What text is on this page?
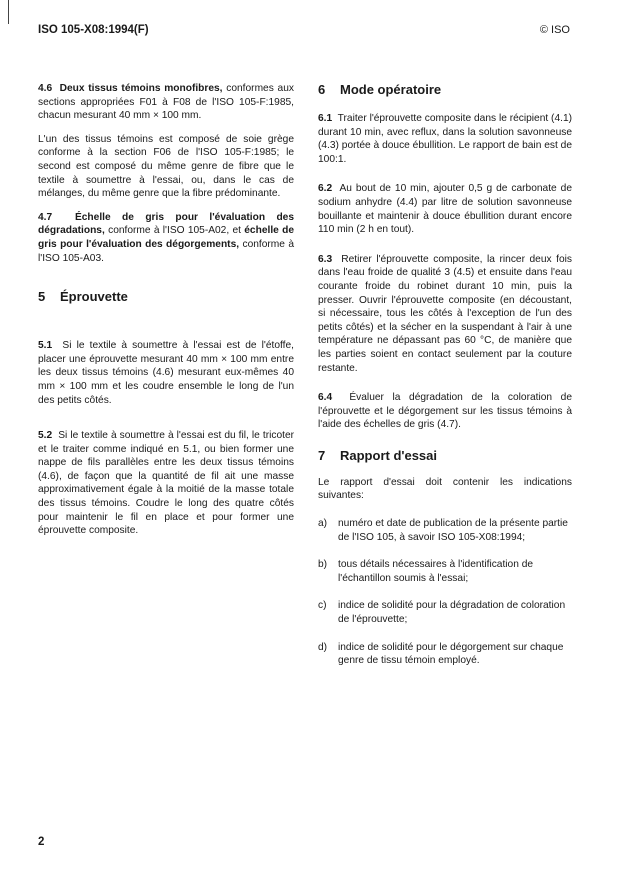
ISO 105-X08:1994(F)	© ISO

4.6 Deux tissus témoins monofibres, conformes aux sections appropriées F01 à F08 de l'ISO 105-F:1985, chacun mesurant 40 mm × 100 mm.

L'un des tissus témoins est composé de soie grège conforme à la section F06 de l'ISO 105-F:1985; le second est composé du même genre de fibre que le textile à soumettre à l'essai, ou, dans le cas de mélanges, du même genre que la fibre prédominante.

4.7 Échelle de gris pour l'évaluation des dégradations, conforme à l'ISO 105-A02, et échelle de gris pour l'évaluation des dégorgements, conforme à l'ISO 105-A03.

5 Éprouvette

5.1 Si le textile à soumettre à l'essai est de l'étoffe, placer une éprouvette mesurant 40 mm × 100 mm entre les deux tissus témoins (4.6) mesurant eux-mêmes 40 mm × 100 mm et les coudre ensemble le long de l'un des petits côtés.

5.2 Si le textile à soumettre à l'essai est du fil, le tricoter et le traiter comme indiqué en 5.1, ou bien former une nappe de fils parallèles entre les deux tissus témoins (4.6), de façon que la quantité de fil ait une masse approximativement égale à la moitié de la masse totale des tissus témoins. Coudre le long des quatre côtés pour maintenir le fil en place et pour former une éprouvette composite.

6 Mode opératoire

6.1 Traiter l'éprouvette composite dans le récipient (4.1) durant 10 min, avec reflux, dans la solution savonneuse (4.3) portée à douce ébullition. Le rapport de bain est de 100:1.

6.2 Au bout de 10 min, ajouter 0,5 g de carbonate de sodium anhydre (4.4) par litre de solution savonneuse bouillante et maintenir à douce ébullition durant encore 110 min (2 h en tout).

6.3 Retirer l'éprouvette composite, la rincer deux fois dans l'eau froide de qualité 3 (4.5) et ensuite dans l'eau courante froide du robinet durant 10 min, puis la presser. Ouvrir l'éprouvette composite (en découstant, si nécessaire, tous les côtés à l'exception de l'un des petits côtés) et la sécher en la suspendant à l'air à une température ne dépassant pas 60 °C, de manière que les parties soient en contact seulement par la couture restante.

6.4 Évaluer la dégradation de la coloration de l'éprouvette et le dégorgement sur les tissus témoins à l'aide des échelles de gris (4.7).

7 Rapport d'essai

Le rapport d'essai doit contenir les indications suivantes:

a)	numéro et date de publication de la présente partie de l'ISO 105, à savoir ISO 105-X08:1994;
b)	tous détails nécessaires à l'identification de l'échantillon soumis à l'essai;
c)	indice de solidité pour la dégradation de coloration de l'éprouvette;
d)	indice de solidité pour le dégorgement sur chaque genre de tissu témoin employé.
2
